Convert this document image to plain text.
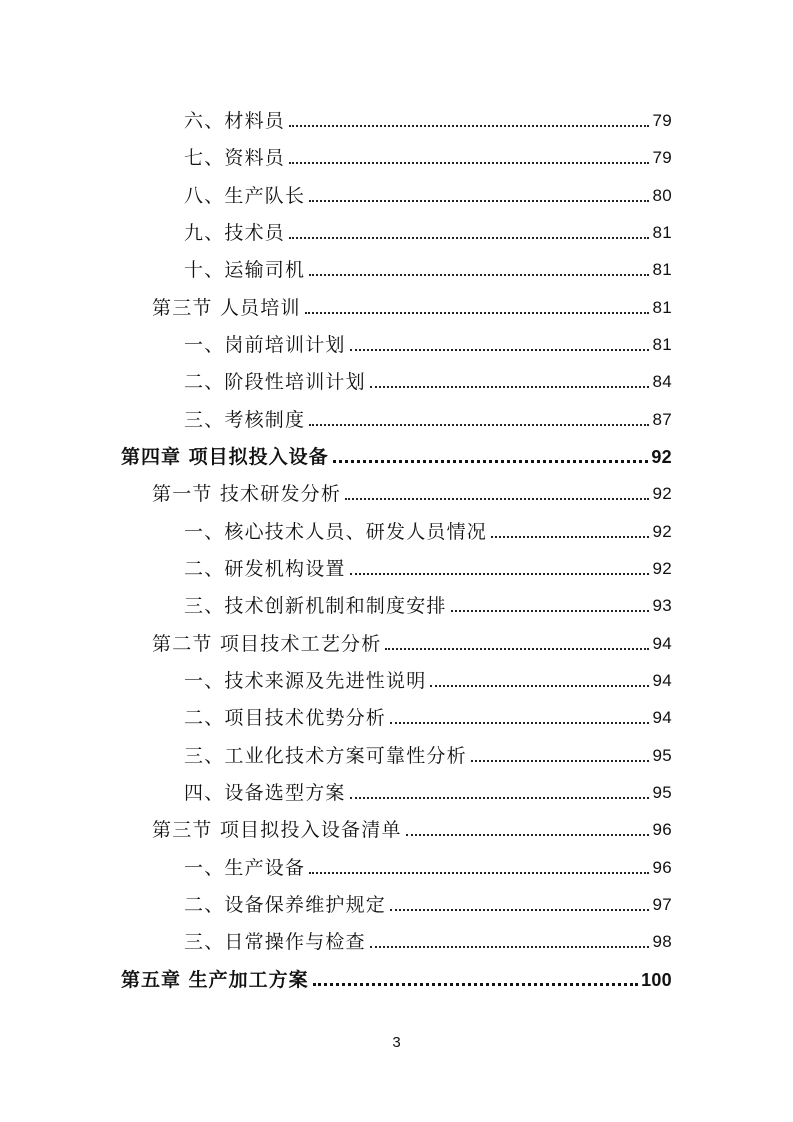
六、材料员	79
七、资料员	79
八、生产队长	80
九、技术员	81
十、运输司机	81
第三节 人员培训	81
一、岗前培训计划	81
二、阶段性培训计划	84
三、考核制度	87
第四章 项目拟投入设备	92
第一节 技术研发分析	92
一、核心技术人员、研发人员情况	92
二、研发机构设置	92
三、技术创新机制和制度安排	93
第二节 项目技术工艺分析	94
一、技术来源及先进性说明	94
二、项目技术优势分析	94
三、工业化技术方案可靠性分析	95
四、设备选型方案	95
第三节 项目拟投入设备清单	96
一、生产设备	96
二、设备保养维护规定	97
三、日常操作与检查	98
第五章 生产加工方案	100
3
